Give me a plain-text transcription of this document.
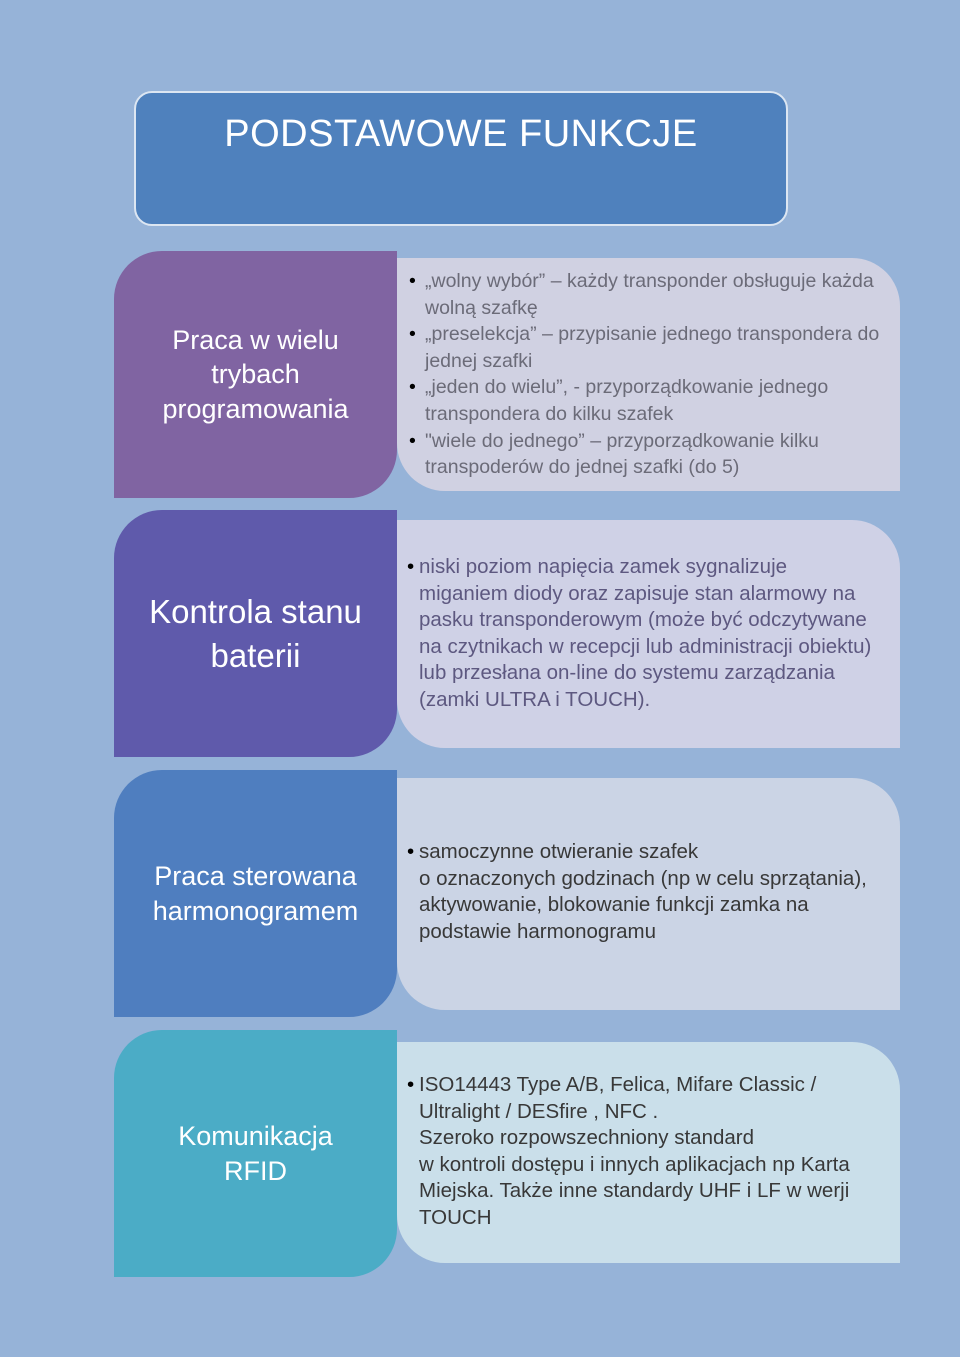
PODSTAWOWE FUNKCJE
Praca w wielu
trybach
programowania
• „wolny wybór” – każdy transponder obsługuje każda wolną szafkę
• „preselekcja” – przypisanie jednego transpondera do jednej szafki
• „jeden do wielu”, - przyporządkowanie jednego transpondera do kilku szafek
• "wiele do jednego” – przyporządkowanie kilku transpoderów do jednej szafki (do 5)
Kontrola stanu
baterii
• niski poziom napięcia zamek sygnalizuje miganiem diody oraz zapisuje stan alarmowy na pasku transponderowym (może być odczytywane na czytnikach w recepcji lub administracji obiektu) lub przesłana on-line do systemu zarządzania (zamki ULTRA i TOUCH).
Praca sterowana
harmonogramem
• samoczynne otwieranie szafek
o oznaczonych godzinach (np w celu sprzątania), aktywowanie, blokowanie funkcji zamka na podstawie harmonogramu
Komunikacja
RFID
• ISO14443 Type A/B, Felica, Mifare Classic / Ultralight / DESfire , NFC .
Szeroko rozpowszechniony standard
w kontroli dostępu i innych aplikacjach np Karta Miejska. Także inne standardy UHF i LF w werji TOUCH
